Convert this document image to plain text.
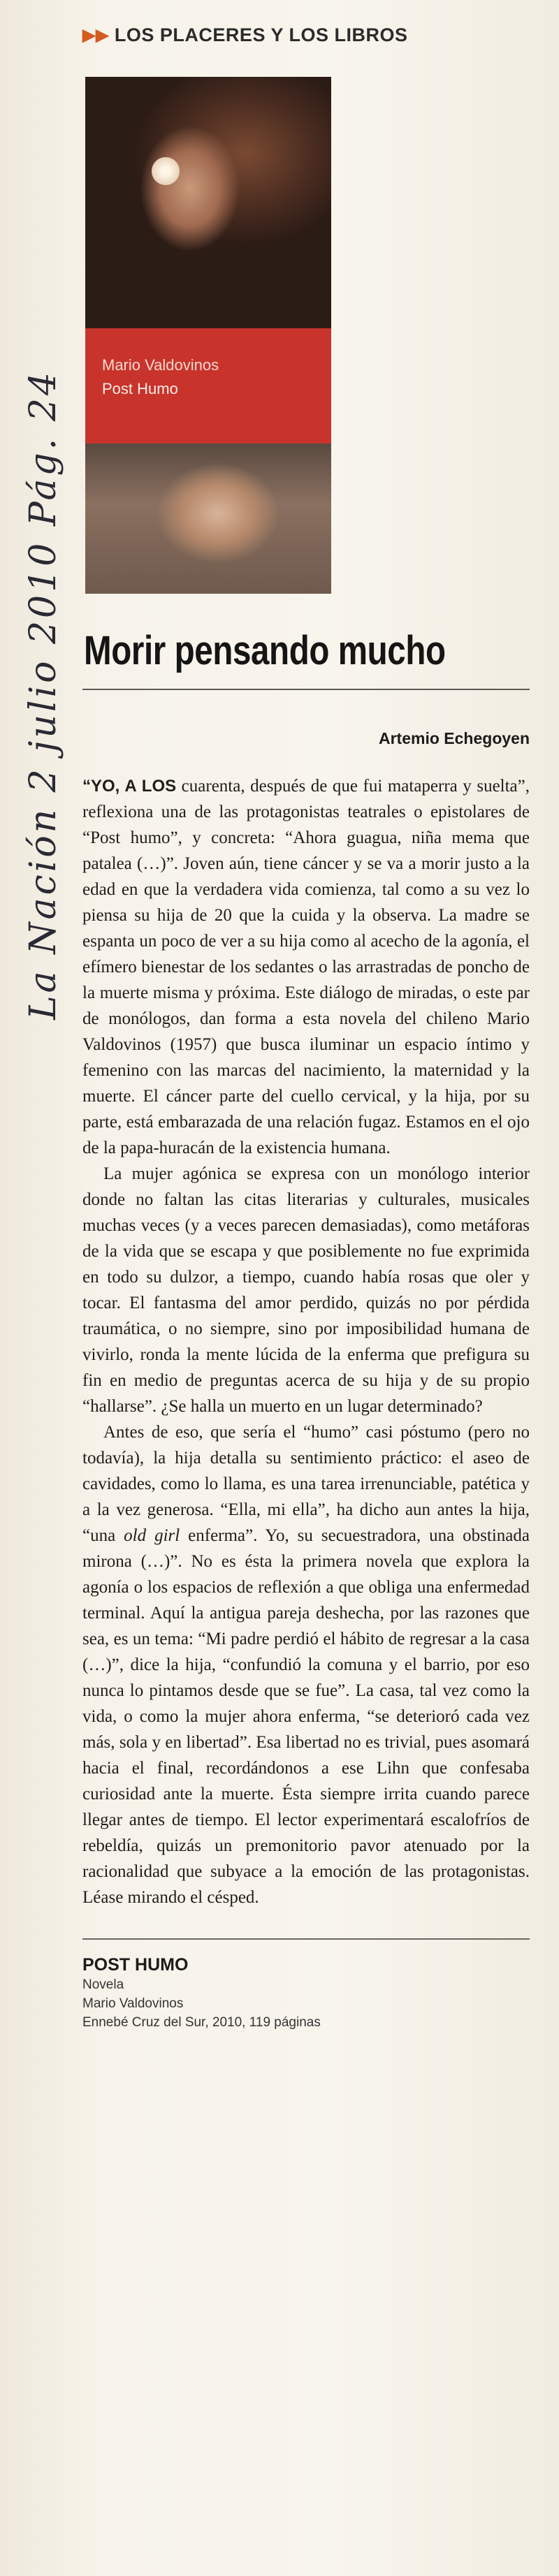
La Nación 2 julio 2010 Pág. 24
▶▶ LOS PLACERES Y LOS LIBROS
Mario Valdovinos
Post Humo
Morir pensando mucho
Artemio Echegoyen

“YO, A LOS cuarenta, después de que fui mataperra y suelta”, reflexiona una de las protagonistas teatrales o epistolares de “Post humo”, y concreta: “Ahora guagua, niña mema que patalea (…)”. Joven aún, tiene cáncer y se va a morir justo a la edad en que la verdadera vida comienza, tal como a su vez lo piensa su hija de 20 que la cuida y la observa. La madre se espanta un poco de ver a su hija como al acecho de la agonía, el efímero bienestar de los sedantes o las arrastradas de poncho de la muerte misma y próxima. Este diálogo de miradas, o este par de monólogos, dan forma a esta novela del chileno Mario Valdovinos (1957) que busca iluminar un espacio íntimo y femenino con las marcas del nacimiento, la maternidad y la muerte. El cáncer parte del cuello cervical, y la hija, por su parte, está embarazada de una relación fugaz. Estamos en el ojo de la papa-huracán de la existencia humana.

La mujer agónica se expresa con un monólogo interior donde no faltan las citas literarias y culturales, musicales muchas veces (y a veces parecen demasiadas), como metáforas de la vida que se escapa y que posiblemente no fue exprimida en todo su dulzor, a tiempo, cuando había rosas que oler y tocar. El fantasma del amor perdido, quizás no por pérdida traumática, o no siempre, sino por imposibilidad humana de vivirlo, ronda la mente lúcida de la enferma que prefigura su fin en medio de preguntas acerca de su hija y de su propio “hallarse”. ¿Se halla un muerto en un lugar determinado?

Antes de eso, que sería el “humo” casi póstumo (pero no todavía), la hija detalla su sentimiento práctico: el aseo de cavidades, como lo llama, es una tarea irrenunciable, patética y a la vez generosa. “Ella, mi ella”, ha dicho aun antes la hija, “una old girl enferma”. Yo, su secuestradora, una obstinada mirona (…)”. No es ésta la primera novela que explora la agonía o los espacios de reflexión a que obliga una enfermedad terminal. Aquí la antigua pareja deshecha, por las razones que sea, es un tema: “Mi padre perdió el hábito de regresar a la casa (…)”, dice la hija, “confundió la comuna y el barrio, por eso nunca lo pintamos desde que se fue”. La casa, tal vez como la vida, o como la mujer ahora enferma, “se deterioró cada vez más, sola y en libertad”. Esa libertad no es trivial, pues asomará hacia el final, recordándonos a ese Lihn que confesaba curiosidad ante la muerte. Ésta siempre irrita cuando parece llegar antes de tiempo. El lector experimentará escalofríos de rebeldía, quizás un premonitorio pavor atenuado por la racionalidad que subyace a la emoción de las protagonistas. Léase mirando el césped.

POST HUMO
Novela
Mario Valdovinos
Ennebé Cruz del Sur, 2010, 119 páginas
